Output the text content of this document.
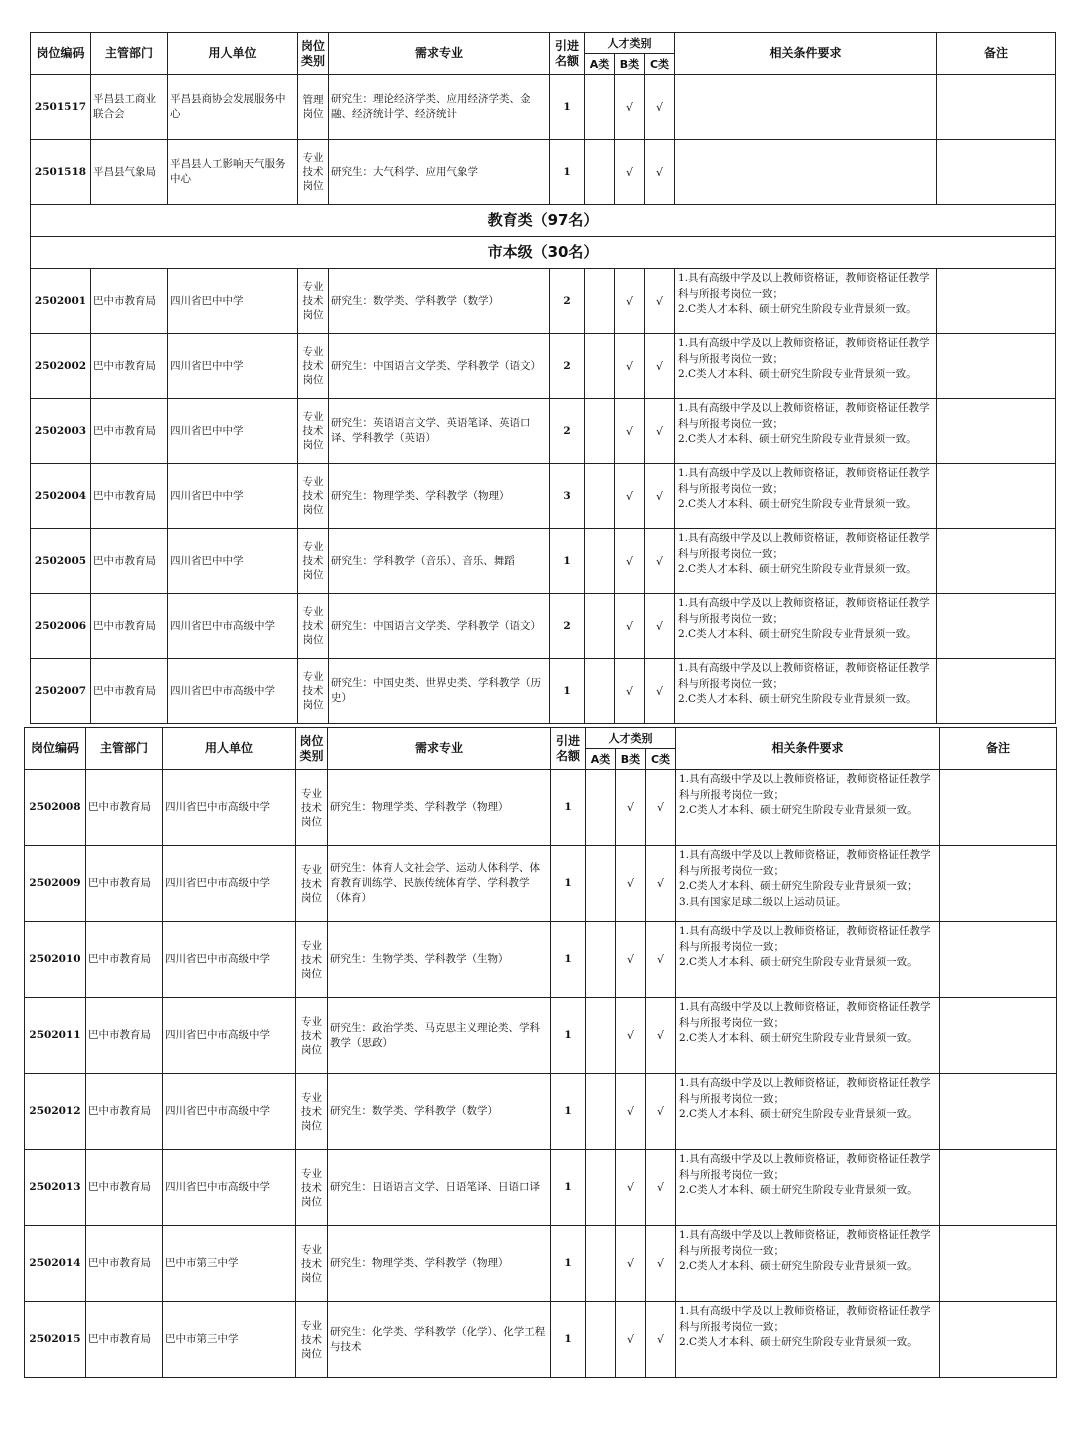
岗位编码	主管部门	用人单位	岗位类别	需求专业	引进名额	人才类别			相关条件要求	备注
						A类	B类	C类		
2501517	平昌县工商业联合会	平昌县商协会发展服务中心	管理岗位	研究生：理论经济学类、应用经济学类、金融、经济统计学、经济统计	1		√	√		
2501518	平昌县气象局	平昌县人工影响天气服务中心	专业技术岗位	研究生：大气科学、应用气象学	1		√	√		
教育类（97名）										
市本级（30名）										
2502001	巴中市教育局	四川省巴中中学	专业技术岗位	研究生：数学类、学科教学（数学）	2		√	√	1.具有高级中学及以上教师资格证，教师资格证任教学科与所报考岗位一致；
2.C类人才本科、硕士研究生阶段专业背景须一致。	
2502002	巴中市教育局	四川省巴中中学	专业技术岗位	研究生：中国语言文学类、学科教学（语文）	2		√	√	1.具有高级中学及以上教师资格证，教师资格证任教学科与所报考岗位一致；
2.C类人才本科、硕士研究生阶段专业背景须一致。	
2502003	巴中市教育局	四川省巴中中学	专业技术岗位	研究生：英语语言文学、英语笔译、英语口译、学科教学（英语）	2		√	√	1.具有高级中学及以上教师资格证，教师资格证任教学科与所报考岗位一致；
2.C类人才本科、硕士研究生阶段专业背景须一致。	
2502004	巴中市教育局	四川省巴中中学	专业技术岗位	研究生：物理学类、学科教学（物理）	3		√	√	1.具有高级中学及以上教师资格证，教师资格证任教学科与所报考岗位一致；
2.C类人才本科、硕士研究生阶段专业背景须一致。	
2502005	巴中市教育局	四川省巴中中学	专业技术岗位	研究生：学科教学（音乐）、音乐、舞蹈	1		√	√	1.具有高级中学及以上教师资格证，教师资格证任教学科与所报考岗位一致；
2.C类人才本科、硕士研究生阶段专业背景须一致。	
2502006	巴中市教育局	四川省巴中市高级中学	专业技术岗位	研究生：中国语言文学类、学科教学（语文）	2		√	√	1.具有高级中学及以上教师资格证，教师资格证任教学科与所报考岗位一致；
2.C类人才本科、硕士研究生阶段专业背景须一致。	
2502007	巴中市教育局	四川省巴中市高级中学	专业技术岗位	研究生：中国史类、世界史类、学科教学（历史）	1		√	√	1.具有高级中学及以上教师资格证，教师资格证任教学科与所报考岗位一致；
2.C类人才本科、硕士研究生阶段专业背景须一致。	
岗位编码	主管部门	用人单位	岗位类别	需求专业	引进名额	人才类别			相关条件要求	备注
						A类	B类	C类		
2502008	巴中市教育局	四川省巴中市高级中学	专业技术岗位	研究生：物理学类、学科教学（物理）	1		√	√	1.具有高级中学及以上教师资格证，教师资格证任教学科与所报考岗位一致；
2.C类人才本科、硕士研究生阶段专业背景须一致。	
2502009	巴中市教育局	四川省巴中市高级中学	专业技术岗位	研究生：体育人文社会学、运动人体科学、体育教育训练学、民族传统体育学、学科教学（体育）	1		√	√	1.具有高级中学及以上教师资格证，教师资格证任教学科与所报考岗位一致；
2.C类人才本科、硕士研究生阶段专业背景须一致；
3.具有国家足球二级以上运动员证。	
2502010	巴中市教育局	四川省巴中市高级中学	专业技术岗位	研究生：生物学类、学科教学（生物）	1		√	√	1.具有高级中学及以上教师资格证，教师资格证任教学科与所报考岗位一致；
2.C类人才本科、硕士研究生阶段专业背景须一致。	
2502011	巴中市教育局	四川省巴中市高级中学	专业技术岗位	研究生：政治学类、马克思主义理论类、学科教学（思政）	1		√	√	1.具有高级中学及以上教师资格证，教师资格证任教学科与所报考岗位一致；
2.C类人才本科、硕士研究生阶段专业背景须一致。	
2502012	巴中市教育局	四川省巴中市高级中学	专业技术岗位	研究生：数学类、学科教学（数学）	1		√	√	1.具有高级中学及以上教师资格证，教师资格证任教学科与所报考岗位一致；
2.C类人才本科、硕士研究生阶段专业背景须一致。	
2502013	巴中市教育局	四川省巴中市高级中学	专业技术岗位	研究生：日语语言文学、日语笔译、日语口译	1		√	√	1.具有高级中学及以上教师资格证，教师资格证任教学科与所报考岗位一致；
2.C类人才本科、硕士研究生阶段专业背景须一致。	
2502014	巴中市教育局	巴中市第三中学	专业技术岗位	研究生：物理学类、学科教学（物理）	1		√	√	1.具有高级中学及以上教师资格证，教师资格证任教学科与所报考岗位一致；
2.C类人才本科、硕士研究生阶段专业背景须一致。	
2502015	巴中市教育局	巴中市第三中学	专业技术岗位	研究生：化学类、学科教学（化学）、化学工程与技术	1		√	√	1.具有高级中学及以上教师资格证，教师资格证任教学科与所报考岗位一致；
2.C类人才本科、硕士研究生阶段专业背景须一致。	
